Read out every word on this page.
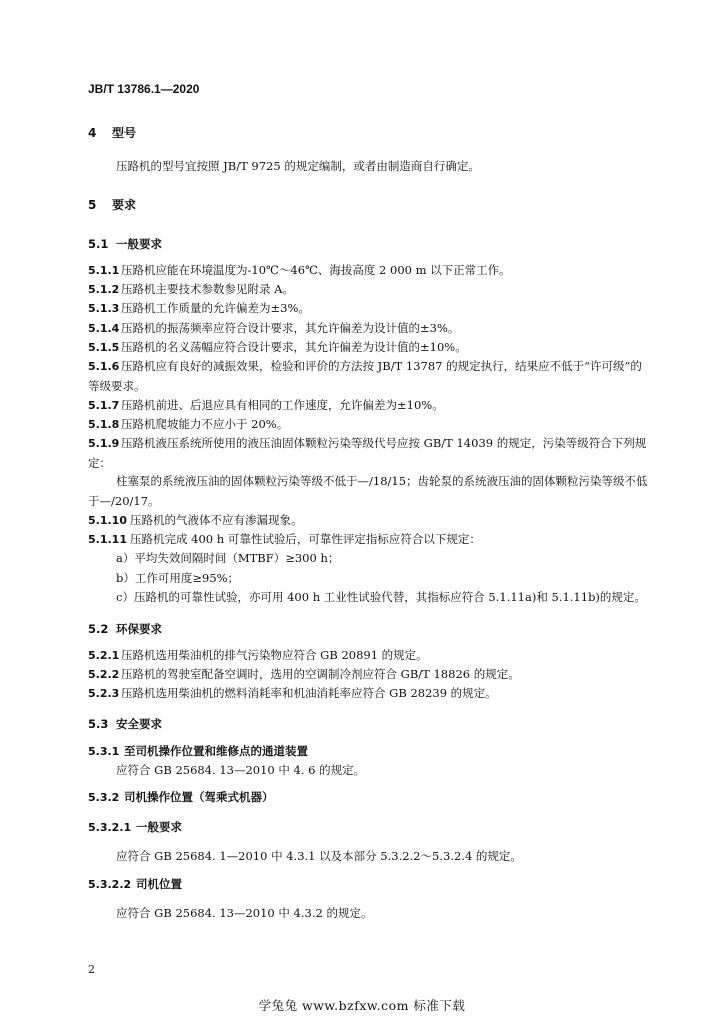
JB/T 13786.1—2020
4 型号
压路机的型号宜按照 JB/T 9725 的规定编制，或者由制造商自行确定。
5 要求
5.1 一般要求
5.1.1 压路机应能在环境温度为-10℃～46℃、海拔高度 2 000 m 以下正常工作。
5.1.2 压路机主要技术参数参见附录 A。
5.1.3 压路机工作质量的允许偏差为±3%。
5.1.4 压路机的振荡频率应符合设计要求，其允许偏差为设计值的±3%。
5.1.5 压路机的名义荡幅应符合设计要求，其允许偏差为设计值的±10%。
5.1.6 压路机应有良好的减振效果，检验和评价的方法按 JB/T 13787 的规定执行，结果应不低于“许可级”的等级要求。
5.1.7 压路机前进、后退应具有相同的工作速度，允许偏差为±10%。
5.1.8 压路机爬坡能力不应小于 20%。
5.1.9 压路机液压系统所使用的液压油固体颗粒污染等级代号应按 GB/T 14039 的规定，污染等级符合下列规定：
柱塞泵的系统液压油的固体颗粒污染等级不低于—/18/15；齿轮泵的系统液压油的固体颗粒污染等级不低于—/20/17。
5.1.10 压路机的气液体不应有渗漏现象。
5.1.11 压路机完成 400 h 可靠性试验后，可靠性评定指标应符合以下规定：
a）平均失效间隔时间（MTBF）≥300 h；
b）工作可用度≥95%；
c）压路机的可靠性试验，亦可用 400 h 工业性试验代替，其指标应符合 5.1.11a)和 5.1.11b)的规定。
5.2 环保要求
5.2.1 压路机选用柴油机的排气污染物应符合 GB 20891 的规定。
5.2.2 压路机的驾驶室配备空调时，选用的空调制冷剂应符合 GB/T 18826 的规定。
5.2.3 压路机选用柴油机的燃料消耗率和机油消耗率应符合 GB 28239 的规定。
5.3 安全要求
5.3.1 至司机操作位置和维修点的通道装置
应符合 GB 25684. 13—2010 中 4. 6 的规定。
5.3.2 司机操作位置（驾乘式机器）
5.3.2.1 一般要求
应符合 GB 25684. 1—2010 中 4.3.1 以及本部分 5.3.2.2～5.3.2.4 的规定。
5.3.2.2 司机位置
应符合 GB 25684. 13—2010 中 4.3.2 的规定。
2
学兔兔 www.bzfxw.com 标准下载
